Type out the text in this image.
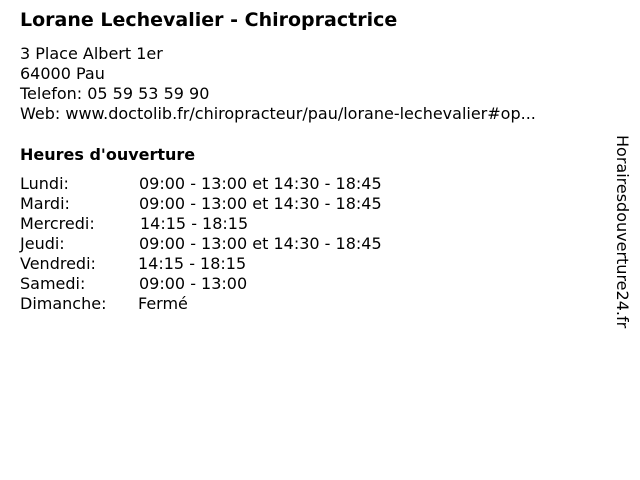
Lorane Lechevalier - Chiropractrice
3 Place Albert 1er
64000 Pau
Telefon: 05 59 53 59 90
Web: www.doctolib.fr/chiropracteur/pau/lorane-lechevalier#op...
Heures d'ouverture
Lundi:	09:00 - 13:00 et 14:30 - 18:45
Mardi:	09:00 - 13:00 et 14:30 - 18:45
Mercredi:	14:15 - 18:15
Jeudi:	09:00 - 13:00 et 14:30 - 18:45
Vendredi:	14:15 - 18:15
Samedi:	09:00 - 13:00
Dimanche:	Fermé	Horairesdouverture24.fr
